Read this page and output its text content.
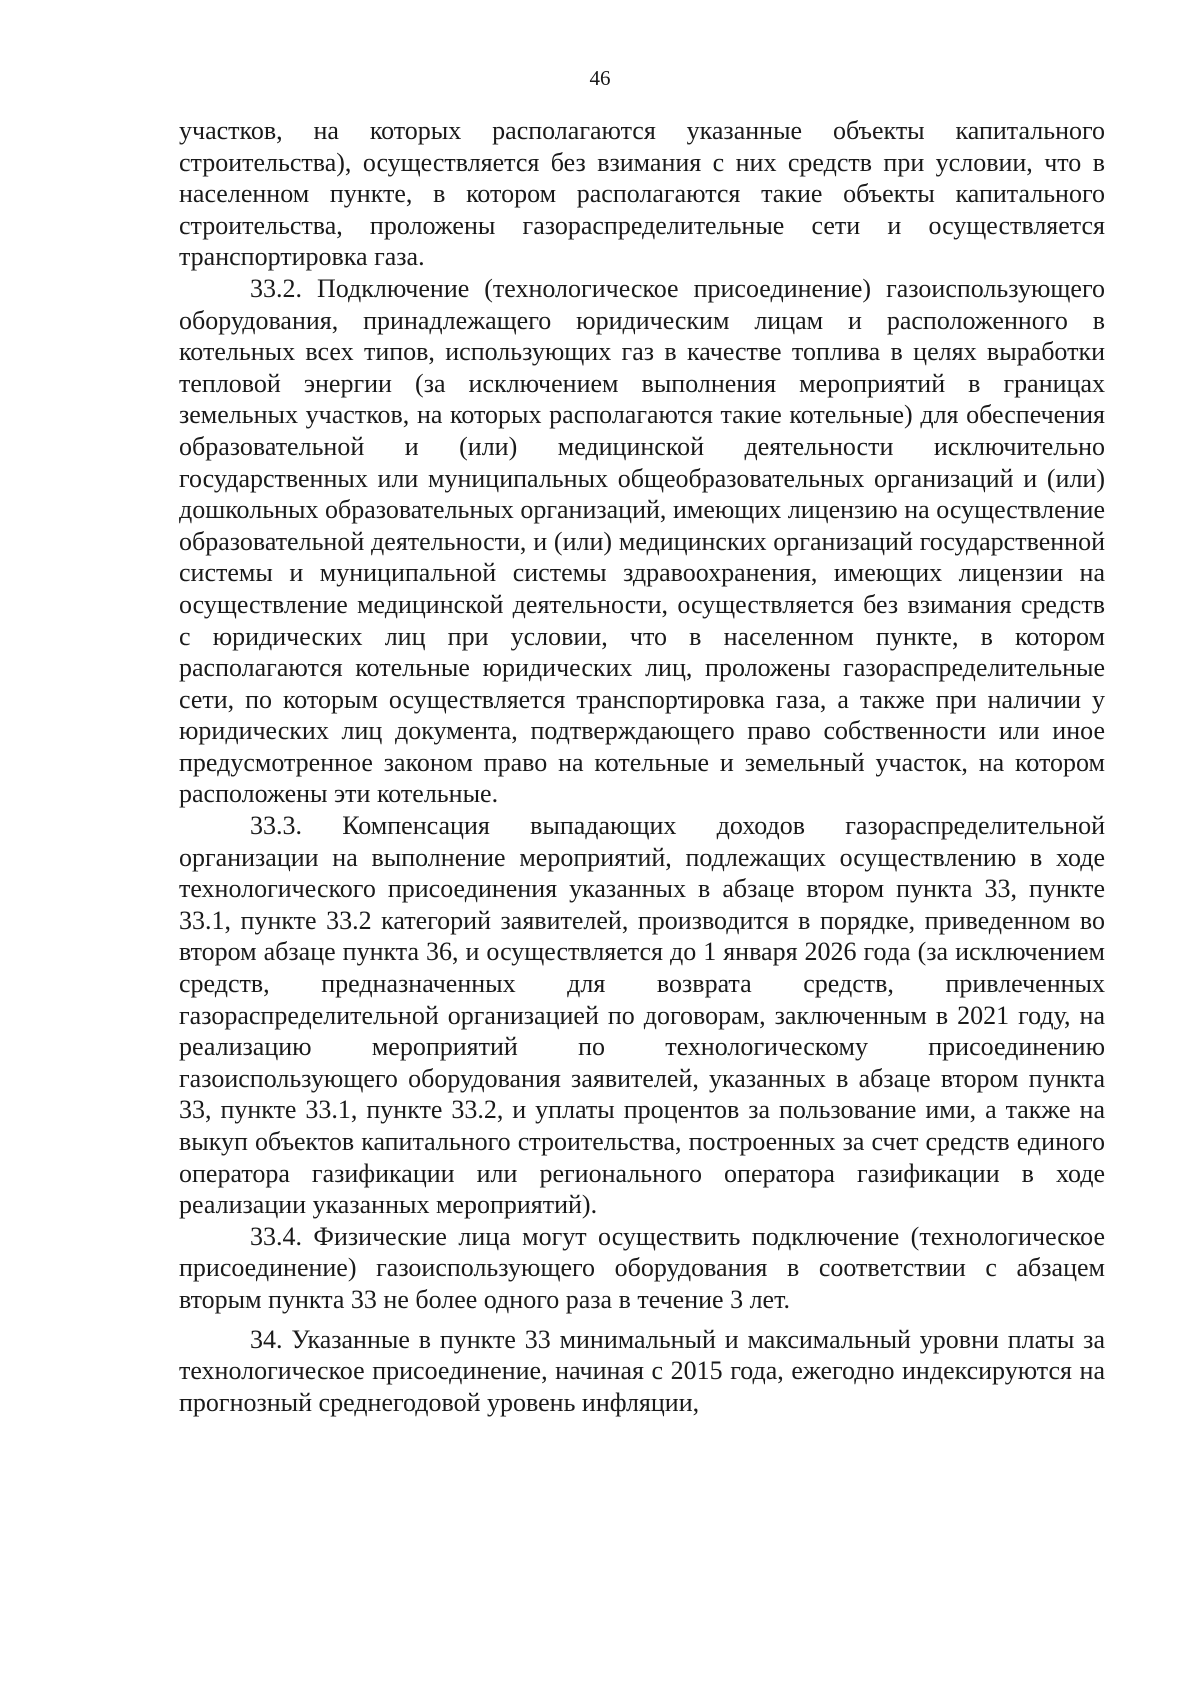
46

участков, на которых располагаются указанные объекты капитального строительства), осуществляется без взимания с них средств при условии, что в населенном пункте, в котором располагаются такие объекты капитального строительства, проложены газораспределительные сети и осуществляется транспортировка газа.

33.2. Подключение (технологическое присоединение) газоиспользующего оборудования, принадлежащего юридическим лицам и расположенного в котельных всех типов, использующих газ в качестве топлива в целях выработки тепловой энергии (за исключением выполнения мероприятий в границах земельных участков, на которых располагаются такие котельные) для обеспечения образовательной и (или) медицинской деятельности исключительно государственных или муниципальных общеобразовательных организаций и (или) дошкольных образовательных организаций, имеющих лицензию на осуществление образовательной деятельности, и (или) медицинских организаций государственной системы и муниципальной системы здравоохранения, имеющих лицензии на осуществление медицинской деятельности, осуществляется без взимания средств с юридических лиц при условии, что в населенном пункте, в котором располагаются котельные юридических лиц, проложены газораспределительные сети, по которым осуществляется транспортировка газа, а также при наличии у юридических лиц документа, подтверждающего право собственности или иное предусмотренное законом право на котельные и земельный участок, на котором расположены эти котельные.

33.3. Компенсация выпадающих доходов газораспределительной организации на выполнение мероприятий, подлежащих осуществлению в ходе технологического присоединения указанных в абзаце втором пункта 33, пункте 33.1, пункте 33.2 категорий заявителей, производится в порядке, приведенном во втором абзаце пункта 36, и осуществляется до 1 января 2026 года (за исключением средств, предназначенных для возврата средств, привлеченных газораспределительной организацией по договорам, заключенным в 2021 году, на реализацию мероприятий по технологическому присоединению газоиспользующего оборудования заявителей, указанных в абзаце втором пункта 33, пункте 33.1, пункте 33.2, и уплаты процентов за пользование ими, а также на выкуп объектов капитального строительства, построенных за счет средств единого оператора газификации или регионального оператора газификации в ходе реализации указанных мероприятий).

33.4. Физические лица могут осуществить подключение (технологическое присоединение) газоиспользующего оборудования в соответствии с абзацем вторым пункта 33 не более одного раза в течение 3 лет.

34. Указанные в пункте 33 минимальный и максимальный уровни платы за технологическое присоединение, начиная с 2015 года, ежегодно индексируются на прогнозный среднегодовой уровень инфляции,
